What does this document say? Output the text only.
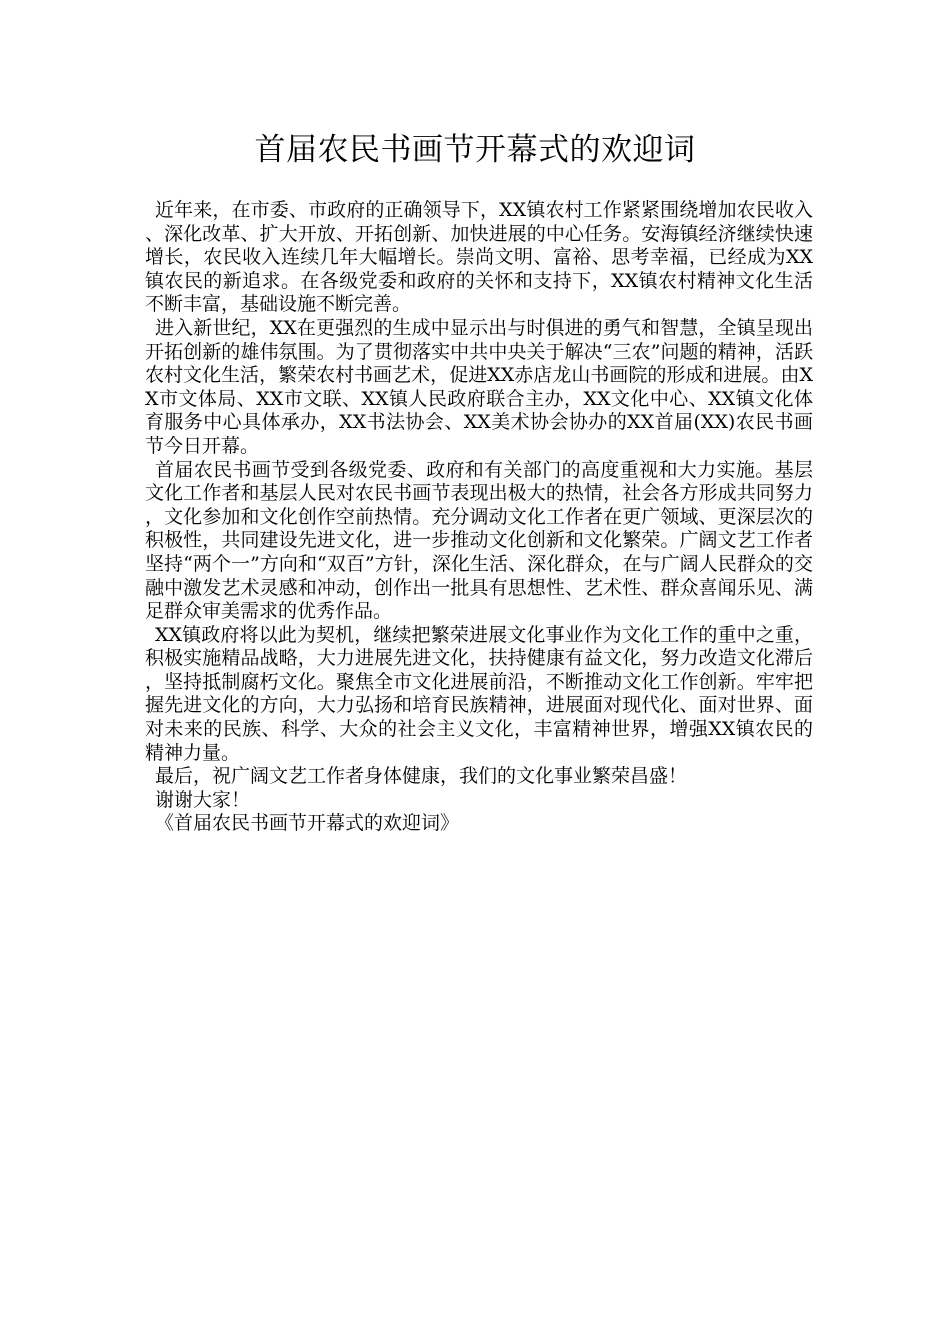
首届农民书画节开幕式的欢迎词

近年来，在市委、市政府的正确领导下，XX镇农村工作紧紧围绕增加农民收入、深化改革、扩大开放、开拓创新、加快进展的中心任务。安海镇经济继续快速增长，农民收入连续几年大幅增长。崇尚文明、富裕、思考幸福，已经成为XX镇农民的新追求。在各级党委和政府的关怀和支持下，XX镇农村精神文化生活不断丰富，基础设施不断完善。

进入新世纪，XX在更强烈的生成中显示出与时俱进的勇气和智慧，全镇呈现出开拓创新的雄伟氛围。为了贯彻落实中共中央关于解决“三农”问题的精神，活跃农村文化生活，繁荣农村书画艺术，促进XX赤店龙山书画院的形成和进展。由XX市文体局、XX市文联、XX镇人民政府联合主办，XX文化中心、XX镇文化体育服务中心具体承办，XX书法协会、XX美术协会协办的XX首届(XX)农民书画节今日开幕。

首届农民书画节受到各级党委、政府和有关部门的高度重视和大力实施。基层文化工作者和基层人民对农民书画节表现出极大的热情，社会各方形成共同努力，文化参加和文化创作空前热情。充分调动文化工作者在更广领域、更深层次的积极性，共同建设先进文化，进一步推动文化创新和文化繁荣。广阔文艺工作者坚持“两个一”方向和“双百”方针，深化生活、深化群众，在与广阔人民群众的交融中激发艺术灵感和冲动，创作出一批具有思想性、艺术性、群众喜闻乐见、满足群众审美需求的优秀作品。

XX镇政府将以此为契机，继续把繁荣进展文化事业作为文化工作的重中之重，积极实施精品战略，大力进展先进文化，扶持健康有益文化，努力改造文化滞后，坚持抵制腐朽文化。聚焦全市文化进展前沿，不断推动文化工作创新。牢牢把握先进文化的方向，大力弘扬和培育民族精神，进展面对现代化、面对世界、面对未来的民族、科学、大众的社会主义文化，丰富精神世界，增强XX镇农民的精神力量。

最后，祝广阔文艺工作者身体健康，我们的文化事业繁荣昌盛！

谢谢大家！

《首届农民书画节开幕式的欢迎词》
